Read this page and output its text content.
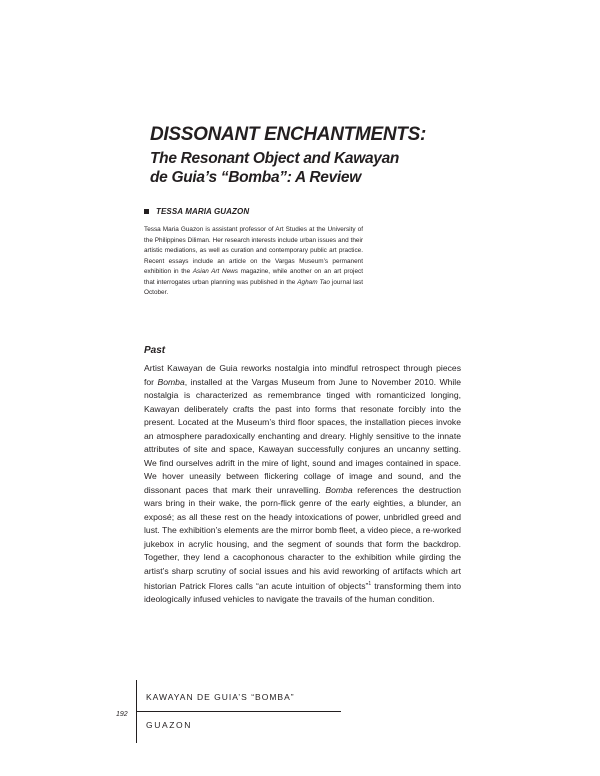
DISSONANT ENCHANTMENTS:
The Resonant Object and Kawayan
de Guia’s “Bomba”: A Review
TESSA MARIA GUAZON
Tessa Maria Guazon is assistant professor of Art Studies at the University of the Philippines Diliman. Her research interests include urban issues and their artistic mediations, as well as curation and contemporary public art practice. Recent essays include an article on the Vargas Museum’s permanent exhibition in the Asian Art News magazine, while another on an art project that interrogates urban planning was published in the Agham Tao journal last October.
Past
Artist Kawayan de Guia reworks nostalgia into mindful retrospect through pieces for Bomba, installed at the Vargas Museum from June to November 2010. While nostalgia is characterized as remembrance tinged with romanticized longing, Kawayan deliberately crafts the past into forms that resonate forcibly into the present. Located at the Museum’s third floor spaces, the installation pieces invoke an atmosphere paradoxically enchanting and dreary. Highly sensitive to the innate attributes of site and space, Kawayan successfully conjures an uncanny setting. We find ourselves adrift in the mire of light, sound and images contained in space. We hover uneasily between flickering collage of image and sound, and the dissonant paces that mark their unravelling. Bomba references the destruction wars bring in their wake, the porn-flick genre of the early eighties, a blunder, an exposé; as all these rest on the heady intoxications of power, unbridled greed and lust. The exhibition’s elements are the mirror bomb fleet, a video piece, a re-worked jukebox in acrylic housing, and the segment of sounds that form the backdrop. Together, they lend a cacophonous character to the exhibition while girding the artist’s sharp scrutiny of social issues and his avid reworking of artifacts which art historian Patrick Flores calls “an acute intuition of objects”$^1$ transforming them into ideologically infused vehicles to navigate the travails of the human condition.
KAWAYAN DE GUIA’S “BOMBA”
GUAZON
192
